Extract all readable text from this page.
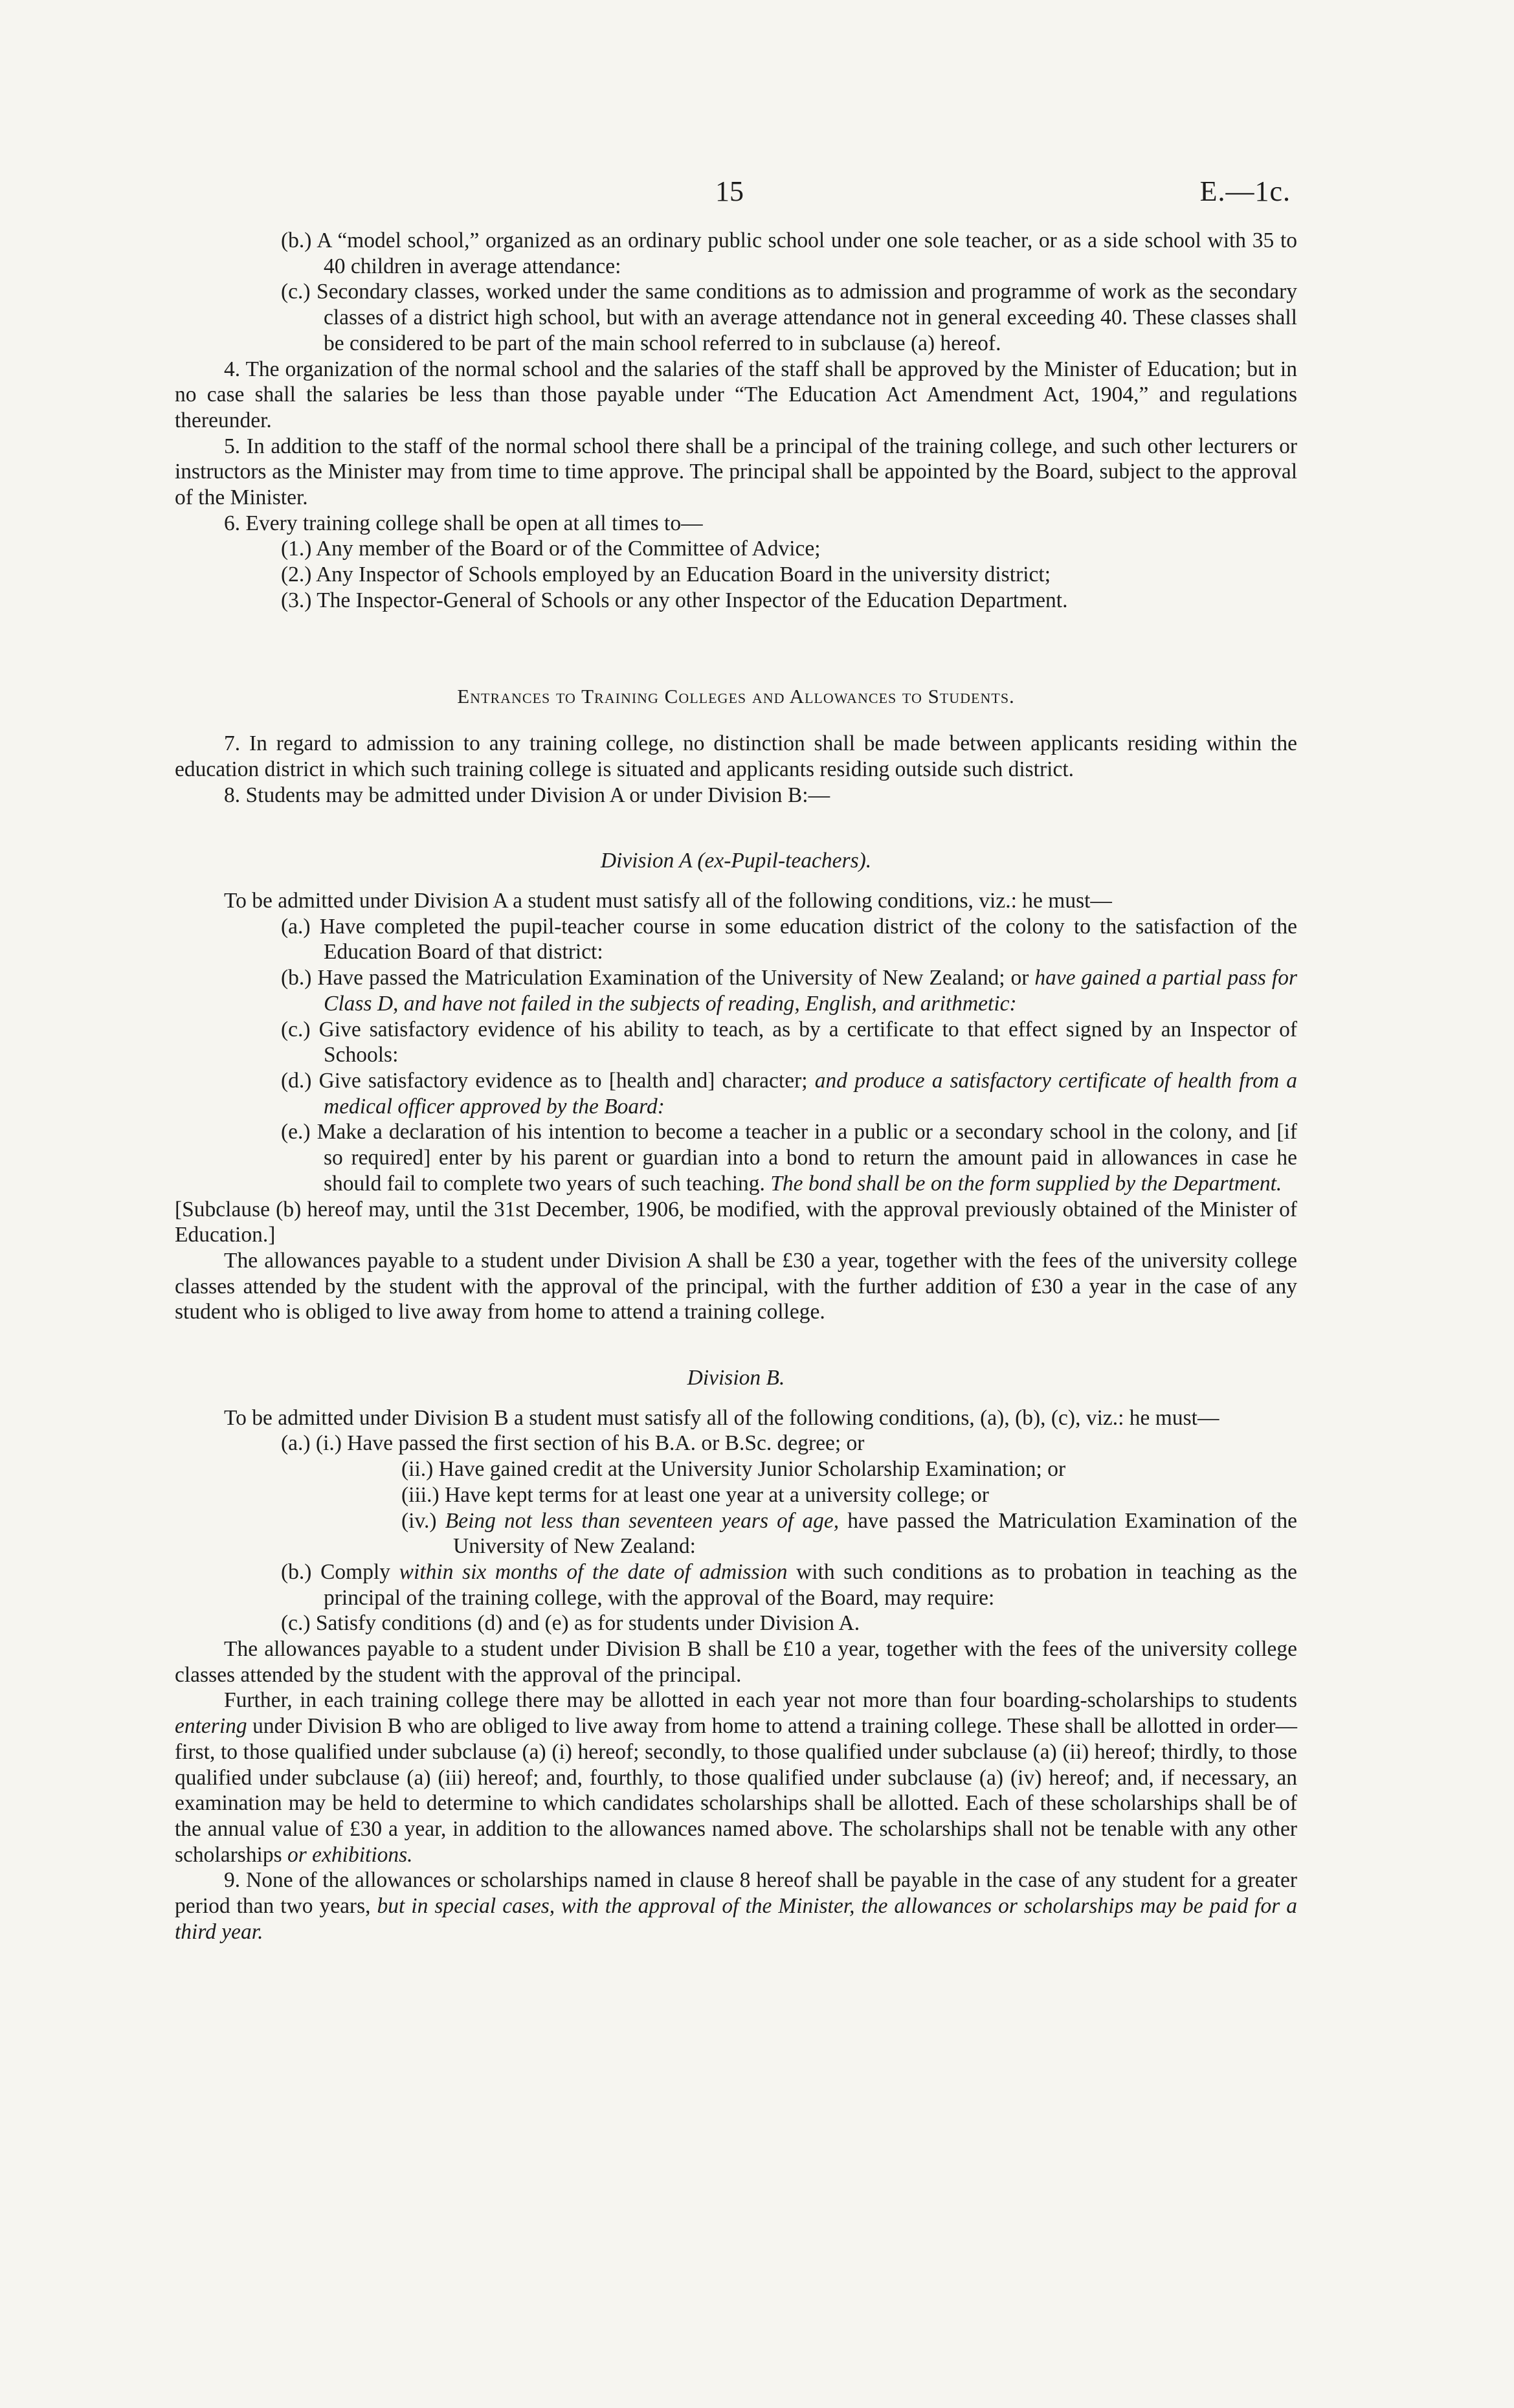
15	E.—1c.

(b.) A “model school,” organized as an ordinary public school under one sole teacher, or as a side school with 35 to 40 children in average attendance:

(c.) Secondary classes, worked under the same conditions as to admission and programme of work as the secondary classes of a district high school, but with an average attendance not in general exceeding 40. These classes shall be considered to be part of the main school referred to in subclause (a) hereof.

4. The organization of the normal school and the salaries of the staff shall be approved by the Minister of Education; but in no case shall the salaries be less than those payable under “The Education Act Amendment Act, 1904,” and regulations thereunder.

5. In addition to the staff of the normal school there shall be a principal of the training college, and such other lecturers or instructors as the Minister may from time to time approve. The principal shall be appointed by the Board, subject to the approval of the Minister.

6. Every training college shall be open at all times to—

(1.) Any member of the Board or of the Committee of Advice;

(2.) Any Inspector of Schools employed by an Education Board in the university district;

(3.) The Inspector-General of Schools or any other Inspector of the Education Department.

Entrances to Training Colleges and Allowances to Students.

7. In regard to admission to any training college, no distinction shall be made between applicants residing within the education district in which such training college is situated and applicants residing outside such district.

8. Students may be admitted under Division A or under Division B:—

Division A (ex-Pupil-teachers).

To be admitted under Division A a student must satisfy all of the following conditions, viz.: he must—

(a.) Have completed the pupil-teacher course in some education district of the colony to the satisfaction of the Education Board of that district:

(b.) Have passed the Matriculation Examination of the University of New Zealand; or have gained a partial pass for Class D, and have not failed in the subjects of reading, English, and arithmetic:

(c.) Give satisfactory evidence of his ability to teach, as by a certificate to that effect signed by an Inspector of Schools:

(d.) Give satisfactory evidence as to [health and] character; and produce a satisfactory certificate of health from a medical officer approved by the Board:

(e.) Make a declaration of his intention to become a teacher in a public or a secondary school in the colony, and [if so required] enter by his parent or guardian into a bond to return the amount paid in allowances in case he should fail to complete two years of such teaching. The bond shall be on the form supplied by the Department.

[Subclause (b) hereof may, until the 31st December, 1906, be modified, with the approval previously obtained of the Minister of Education.]

The allowances payable to a student under Division A shall be £30 a year, together with the fees of the university college classes attended by the student with the approval of the principal, with the further addition of £30 a year in the case of any student who is obliged to live away from home to attend a training college.

Division B.

To be admitted under Division B a student must satisfy all of the following conditions, (a), (b), (c), viz.: he must—

(a.) (i.) Have passed the first section of his B.A. or B.Sc. degree; or

(ii.) Have gained credit at the University Junior Scholarship Examination; or

(iii.) Have kept terms for at least one year at a university college; or

(iv.) Being not less than seventeen years of age, have passed the Matriculation Examination of the University of New Zealand:

(b.) Comply within six months of the date of admission with such conditions as to probation in teaching as the principal of the training college, with the approval of the Board, may require:

(c.) Satisfy conditions (d) and (e) as for students under Division A.

The allowances payable to a student under Division B shall be £10 a year, together with the fees of the university college classes attended by the student with the approval of the principal.

Further, in each training college there may be allotted in each year not more than four boarding-scholarships to students entering under Division B who are obliged to live away from home to attend a training college. These shall be allotted in order—first, to those qualified under subclause (a) (i) hereof; secondly, to those qualified under subclause (a) (ii) hereof; thirdly, to those qualified under subclause (a) (iii) hereof; and, fourthly, to those qualified under subclause (a) (iv) hereof; and, if necessary, an examination may be held to determine to which candidates scholarships shall be allotted. Each of these scholarships shall be of the annual value of £30 a year, in addition to the allowances named above. The scholarships shall not be tenable with any other scholarships or exhibitions.

9. None of the allowances or scholarships named in clause 8 hereof shall be payable in the case of any student for a greater period than two years, but in special cases, with the approval of the Minister, the allowances or scholarships may be paid for a third year.
